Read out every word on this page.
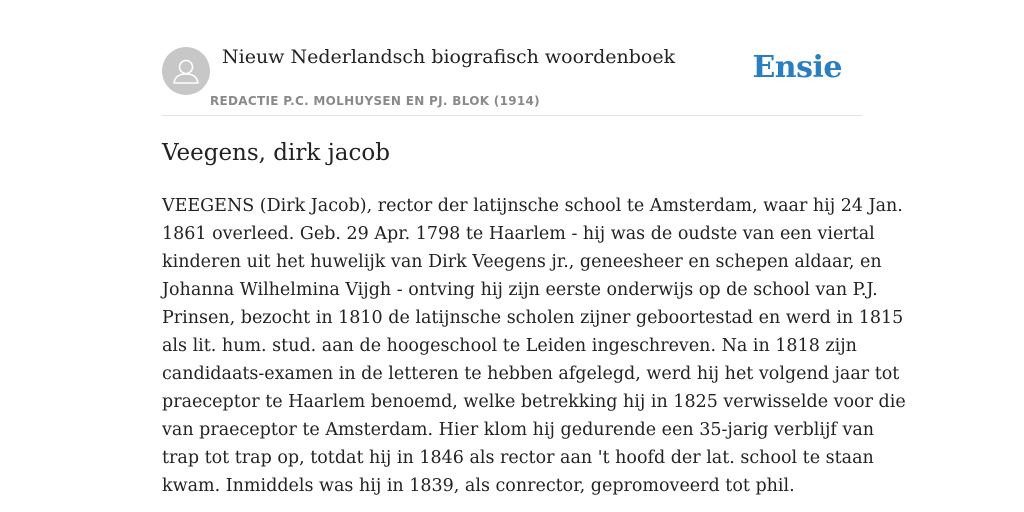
Nieuw Nederlandsch biografisch woordenboek
REDACTIE P.C. MOLHUYSEN EN PJ. BLOK (1914)
Ensie
Veegens, dirk jacob
VEEGENS (Dirk Jacob), rector der latijnsche school te Amsterdam, waar hij 24 Jan.
1861 overleed. Geb. 29 Apr. 1798 te Haarlem - hij was de oudste van een viertal
kinderen uit het huwelijk van Dirk Veegens jr., geneesheer en schepen aldaar, en
Johanna Wilhelmina Vijgh - ontving hij zijn eerste onderwijs op de school van P.J.
Prinsen, bezocht in 1810 de latijnsche scholen zijner geboortestad en werd in 1815
als lit. hum. stud. aan de hoogeschool te Leiden ingeschreven. Na in 1818 zijn
candidaats-examen in de letteren te hebben afgelegd, werd hij het volgend jaar tot
praeceptor te Haarlem benoemd, welke betrekking hij in 1825 verwisselde voor die
van praeceptor te Amsterdam. Hier klom hij gedurende een 35-jarig verblijf van
trap tot trap op, totdat hij in 1846 als rector aan 't hoofd der lat. school te staan
kwam. Inmiddels was hij in 1839, als conrector, gepromoveerd tot phil.
